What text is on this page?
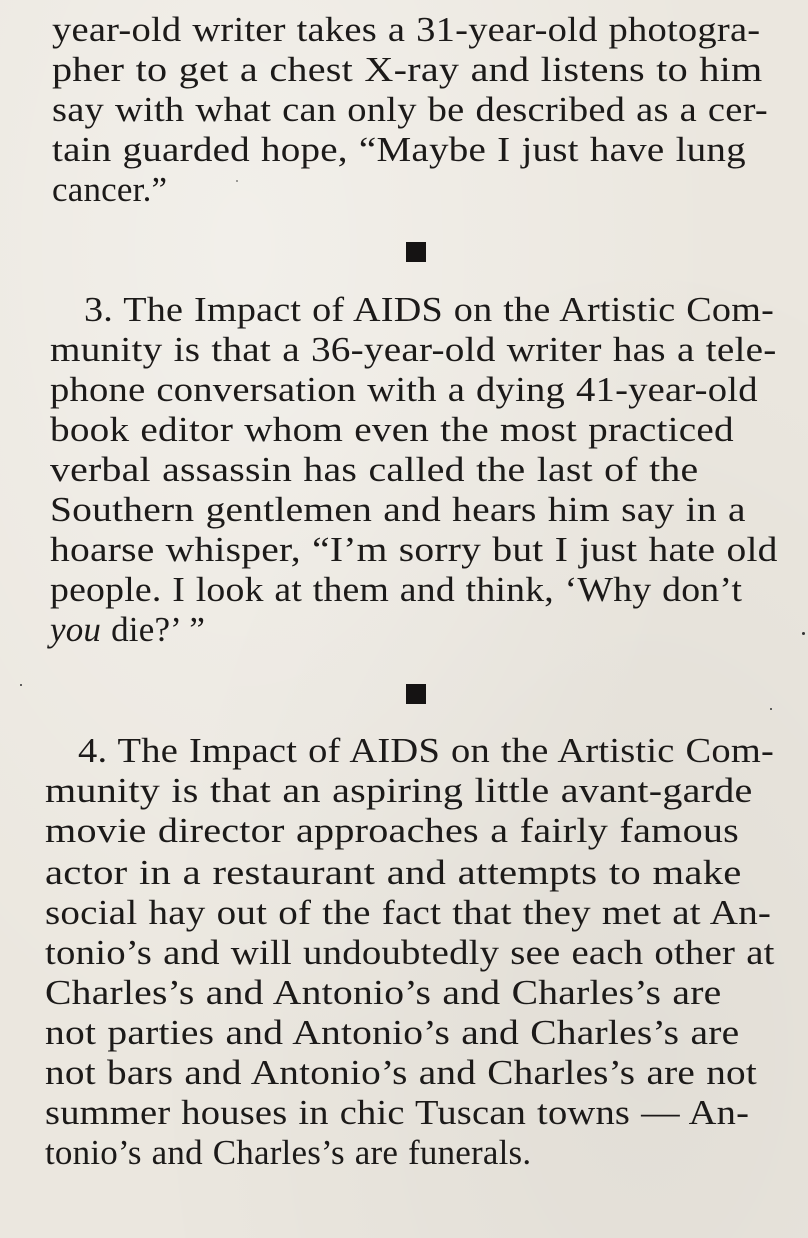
year-old writer takes a 31-year-old photogra-
pher to get a chest X-ray and listens to him
say with what can only be described as a cer-
tain guarded hope, “Maybe I just have lung
cancer.”
3. The Impact of AIDS on the Artistic Com-
munity is that a 36-year-old writer has a tele-
phone conversation with a dying 41-year-old
book editor whom even the most practiced
verbal assassin has called the last of the
Southern gentlemen and hears him say in a
hoarse whisper, “I’m sorry but I just hate old
people. I look at them and think, ‘Why don’t
you die?’ ”
4. The Impact of AIDS on the Artistic Com-
munity is that an aspiring little avant-garde
movie director approaches a fairly famous
actor in a restaurant and attempts to make
social hay out of the fact that they met at An-
tonio’s and will undoubtedly see each other at
Charles’s and Antonio’s and Charles’s are
not parties and Antonio’s and Charles’s are
not bars and Antonio’s and Charles’s are not
summer houses in chic Tuscan towns — An-
tonio’s and Charles’s are funerals.
